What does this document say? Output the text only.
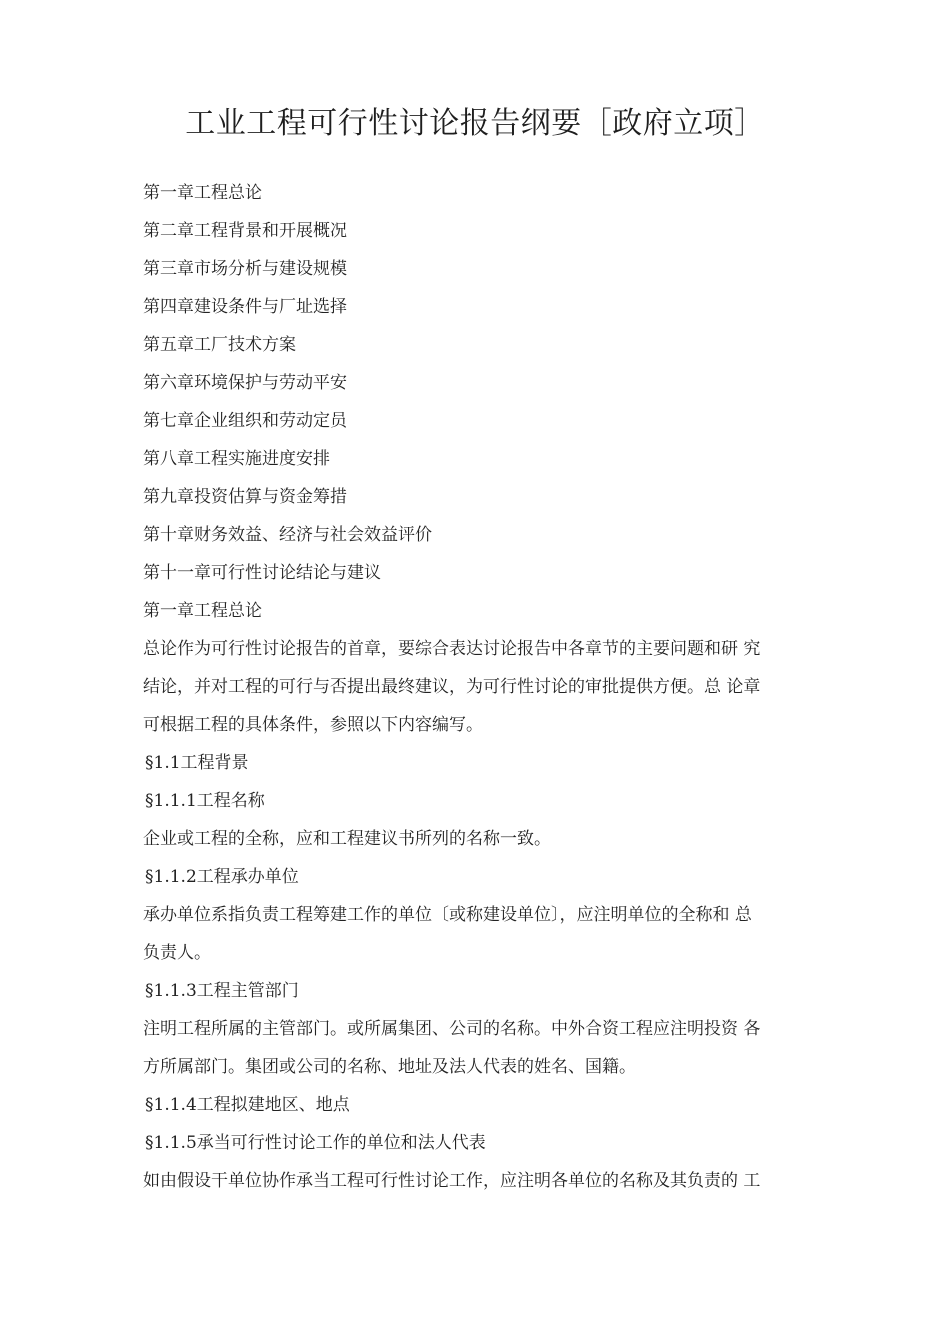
工业工程可行性讨论报告纲要［政府立项］
第一章工程总论
第二章工程背景和开展概况
第三章市场分析与建设规模
第四章建设条件与厂址选择
第五章工厂技术方案
第六章环境保护与劳动平安
第七章企业组织和劳动定员
第八章工程实施进度安排
第九章投资估算与资金筹措
第十章财务效益、经济与社会效益评价
第十一章可行性讨论结论与建议
第一章工程总论
总论作为可行性讨论报告的首章，要综合表达讨论报告中各章节的主要问题和研 究
结论，并对工程的可行与否提出最终建议，为可行性讨论的审批提供方便。总 论章
可根据工程的具体条件，参照以下内容编写。
§1.1工程背景
§1.1.1工程名称
企业或工程的全称，应和工程建议书所列的名称一致。
§1.1.2工程承办单位
承办单位系指负责工程筹建工作的单位〔或称建设单位〕，应注明单位的全称和 总
负责人。
§1.1.3工程主管部门
注明工程所属的主管部门。或所属集团、公司的名称。中外合资工程应注明投资 各
方所属部门。集团或公司的名称、地址及法人代表的姓名、国籍。
§1.1.4工程拟建地区、地点
§1.1.5承当可行性讨论工作的单位和法人代表
如由假设干单位协作承当工程可行性讨论工作，应注明各单位的名称及其负责的 工
